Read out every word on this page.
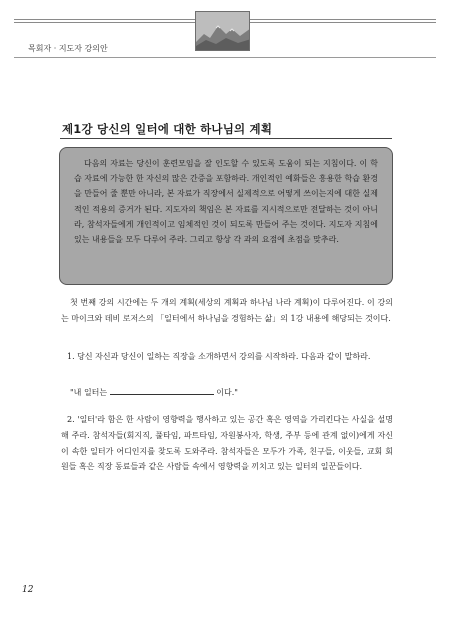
목회자 · 지도자 강의안
제1강 당신의 일터에 대한 하나님의 계획
다음의 자료는 당신이 훈련모임을 잘 인도할 수 있도록 도움이 되는 지침이다. 이 학습 자료에 가능한 한 자신의 많은 간증을 포함하라. 개인적인 예화들은 흥용한 학습 환경을 만들어 줄 뿐만 아니라, 본 자료가 직장에서 실제적으로 어떻게 쓰이는지에 대한 실제적인 적용의 증거가 된다. 지도자의 책임은 본 자료를 지시적으로만 전달하는 것이 아니라, 참석자들에게 개인적이고 임체적인 것이 되도록 만들어 주는 것이다. 지도자 지침에 있는 내용들을 모두 다루어 주라. 그리고 항상 각 과의 요점에 초점을 맞추라.
첫 번째 강의 시간에는 두 개의 계획(세상의 계획과 하나님 나라 계획)이 다루어진다. 이 강의는 마이크와 데비 로저스의 「일터에서 하나님을 경험하는 삶」의 1강 내용에 해당되는 것이다.
1. 당신 자신과 당신이 일하는 직장을 소개하면서 강의를 시작하라. 다음과 같이 말하라.
"내 일터는	이다."
2. '일터'라 함은 한 사람이 영향력을 행사하고 있는 공간 혹은 영역을 가리킨다는 사실을 설명해 주라. 참석자들(회지직, 풀타임, 파트타임, 자원봉사자, 학생, 주부 등에 관계 없이)에게 자신이 속한 일터가 어디인지를 찾도록 도와주라. 참석자들은 모두가 가족, 친구들, 이웃들, 교회 회원들 혹은 직장 동료들과 같은 사람들 속에서 영향력을 끼치고 있는 일터의 일꾼들이다.
12
